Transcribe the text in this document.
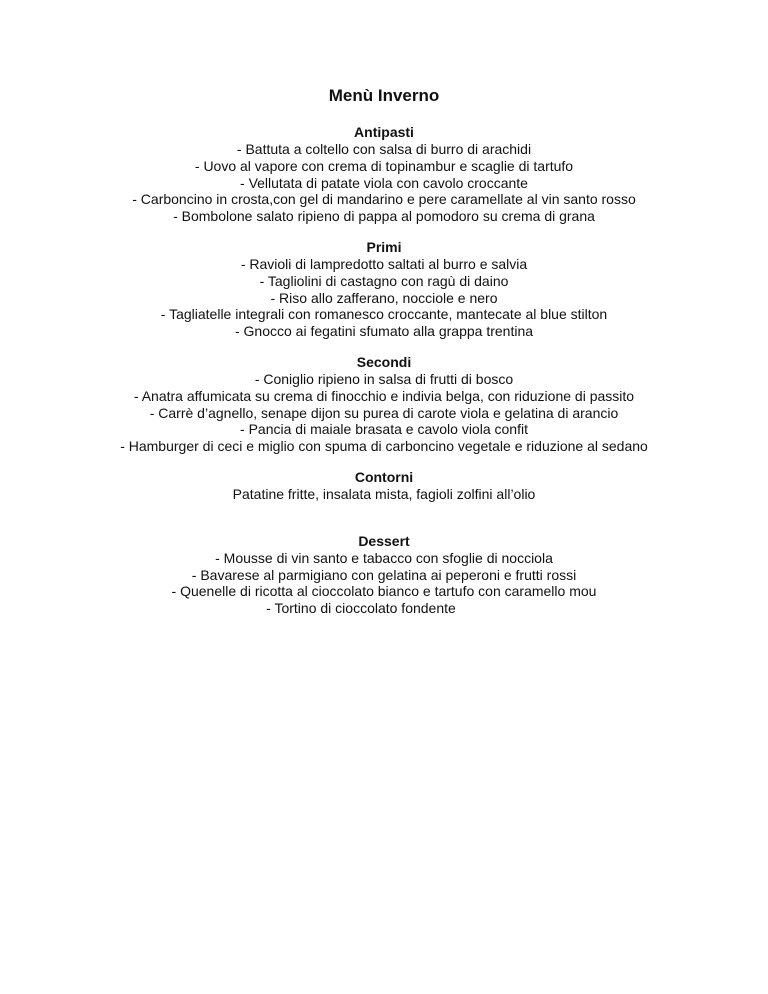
Menù Inverno
Antipasti

- Battuta a coltello con salsa di burro di arachidi

- Uovo al vapore con crema di topinambur e scaglie di tartufo

- Vellutata di patate viola con cavolo croccante

- Carboncino in crosta,con gel di mandarino e pere caramellate al vin santo rosso

- Bombolone salato ripieno di pappa al pomodoro su crema di grana

Primi

- Ravioli di lampredotto saltati al burro e salvia

- Tagliolini di castagno con ragù di daino

- Riso allo zafferano, nocciole e nero

- Tagliatelle integrali con romanesco croccante, mantecate al blue stilton

- Gnocco ai fegatini sfumato alla grappa trentina

Secondi

- Coniglio ripieno in salsa di frutti di bosco

- Anatra affumicata su crema di finocchio e indivia belga, con riduzione di passito

- Carrè d’agnello, senape dijon su purea di carote viola e gelatina di arancio

- Pancia di maiale brasata e cavolo viola confit

- Hamburger di ceci e miglio con spuma di carboncino vegetale e riduzione al sedano

Contorni

Patatine fritte, insalata mista, fagioli zolfini all’olio

Dessert

- Mousse di vin santo e tabacco con sfoglie di nocciola

- Bavarese al parmigiano con gelatina ai peperoni e frutti rossi

- Quenelle di ricotta al cioccolato bianco e tartufo con caramello mou

- Tortino di cioccolato fondente
